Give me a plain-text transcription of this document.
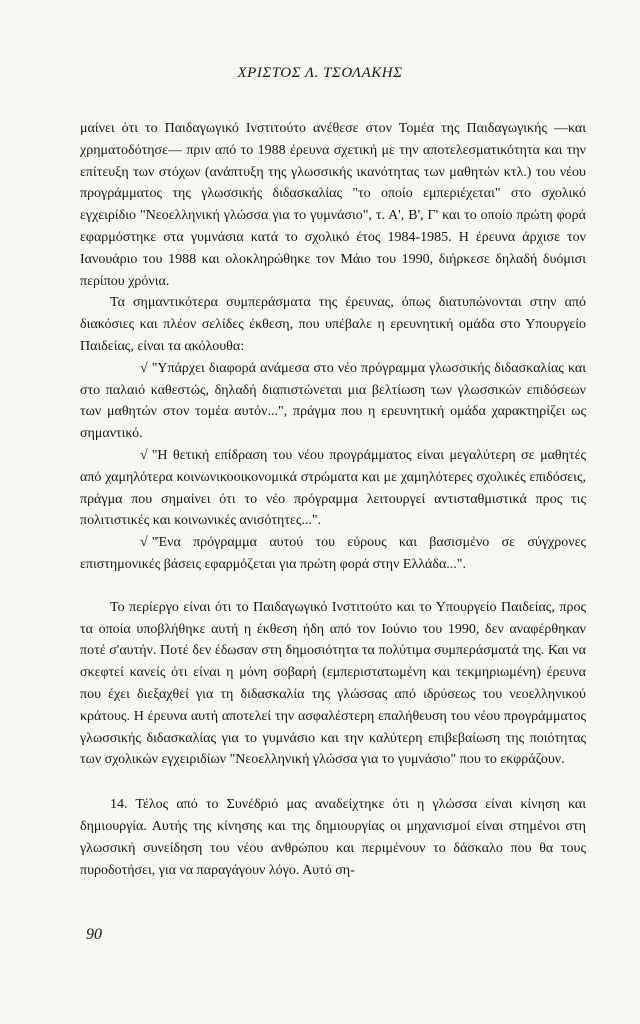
ΧΡΙΣΤΟΣ Λ. ΤΣΟΛΑΚΗΣ

μαίνει ότι το Παιδαγωγικό Ινστιτούτο ανέθεσε στον Τομέα της Παιδαγωγικής —και χρηματοδότησε— πριν από το 1988 έρευνα σχετική με την αποτελεσματικότητα και την επίτευξη των στόχων (ανάπτυξη της γλωσσικής ικανότητας των μαθητών κτλ.) του νέου προγράμματος της γλωσσικής διδασκαλίας "το οποίο εμπεριέχεται" στο σχολικό εγχειρίδιο "Νεοελληνική γλώσσα για το γυμνάσιο", τ. Α', Β', Γ' και το οποίο πρώτη φορά εφαρμόστηκε στα γυμνάσια κατά το σχολικό έτος 1984-1985. Η έρευνα άρχισε τον Ιανουάριο του 1988 και ολοκληρώθηκε τον Μάιο του 1990, διήρκεσε δηλαδή δυόμισι περίπου χρόνια.

Τα σημαντικότερα συμπεράσματα της έρευνας, όπως διατυπώνονται στην από διακόσιες και πλέον σελίδες έκθεση, που υπέβαλε η ερευνητική ομάδα στο Υπουργείο Παιδείας, είναι τα ακόλουθα:

√ "Υπάρχει διαφορά ανάμεσα στο νέο πρόγραμμα γλωσσικής διδασκαλίας και στο παλαιό καθεστώς, δηλαδή διαπιστώνεται μια βελτίωση των γλωσσικών επιδόσεων των μαθητών στον τομέα αυτόν...", πράγμα που η ερευνητική ομάδα χαρακτηρίζει ως σημαντικό.

√ "Η θετική επίδραση του νέου προγράμματος είναι μεγαλύτερη σε μαθητές από χαμηλότερα κοινωνικοοικονομικά στρώματα και με χαμηλότερες σχολικές επιδόσεις, πράγμα που σημαίνει ότι το νέο πρόγραμμα λειτουργεί αντισταθμιστικά προς τις πολιτιστικές και κοινωνικές ανισότητες...".

√ "Ένα πρόγραμμα αυτού του εύρους και βασισμένο σε σύγχρονες επιστημονικές βάσεις εφαρμόζεται για πρώτη φορά στην Ελλάδα...".

Το περίεργο είναι ότι το Παιδαγωγικό Ινστιτούτο και το Υπουργείο Παιδείας, προς τα οποία υποβλήθηκε αυτή η έκθεση ήδη από τον Ιούνιο του 1990, δεν αναφέρθηκαν ποτέ σ'αυτήν. Ποτέ δεν έδωσαν στη δημοσιότητα τα πολύτιμα συμπεράσματά της. Και να σκεφτεί κανείς ότι είναι η μόνη σοβαρή (εμπεριστατωμένη και τεκμηριωμένη) έρευνα που έχει διεξαχθεί για τη διδασκαλία της γλώσσας από ιδρύσεως του νεοελληνικού κράτους. Η έρευνα αυτή αποτελεί την ασφαλέστερη επαλήθευση του νέου προγράμματος γλωσσικής διδασκαλίας για το γυμνάσιο και την καλύτερη επιβεβαίωση της ποιότητας των σχολικών εγχειριδίων "Νεοελληνική γλώσσα για το γυμνάσιο" που το εκφράζουν.

14. Τέλος από το Συνέδριό μας αναδείχτηκε ότι η γλώσσα είναι κίνηση και δημιουργία. Αυτής της κίνησης και της δημιουργίας οι μηχανισμοί είναι στημένοι στη γλωσσική συνείδηση του νέου ανθρώπου και περιμένουν το δάσκαλο που θα τους πυροδοτήσει, για να παραγάγουν λόγο. Αυτό ση-

90
